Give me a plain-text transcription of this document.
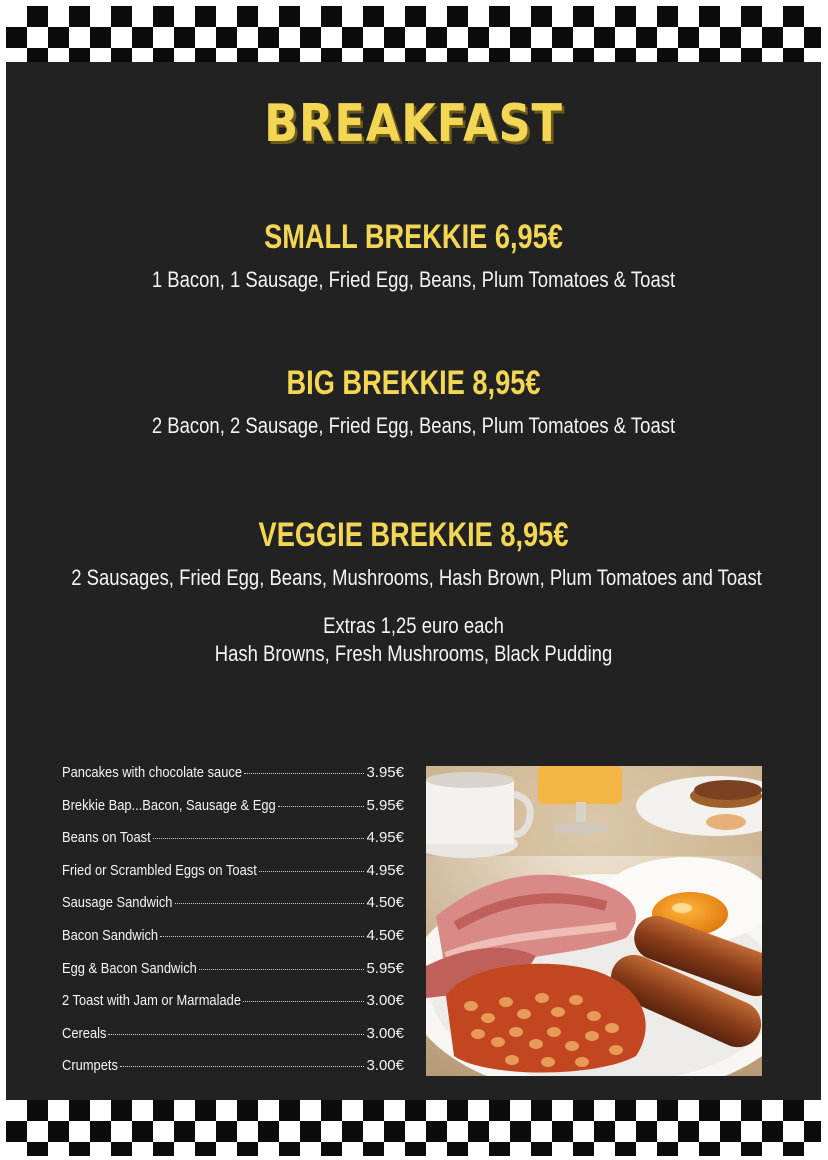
BREAKFAST
SMALL BREKKIE 6,95€
1 Bacon, 1 Sausage, Fried Egg, Beans, Plum Tomatoes & Toast
BIG BREKKIE 8,95€
2 Bacon, 2 Sausage, Fried Egg, Beans, Plum Tomatoes & Toast
VEGGIE BREKKIE 8,95€
2 Sausages, Fried Egg, Beans, Mushrooms, Hash Brown, Plum Tomatoes and Toast
Extras 1,25 euro each
Hash Browns, Fresh Mushrooms, Black Pudding
Pancakes with chocolate sauce	3.95€
Brekkie Bap...Bacon, Sausage & Egg	5.95€
Beans on Toast	4.95€
Fried or Scrambled Eggs on Toast	4.95€
Sausage Sandwich	4.50€
Bacon Sandwich	4.50€
Egg & Bacon Sandwich	5.95€
2 Toast with Jam or Marmalade	3.00€
Cereals	3.00€
Crumpets	3.00€
